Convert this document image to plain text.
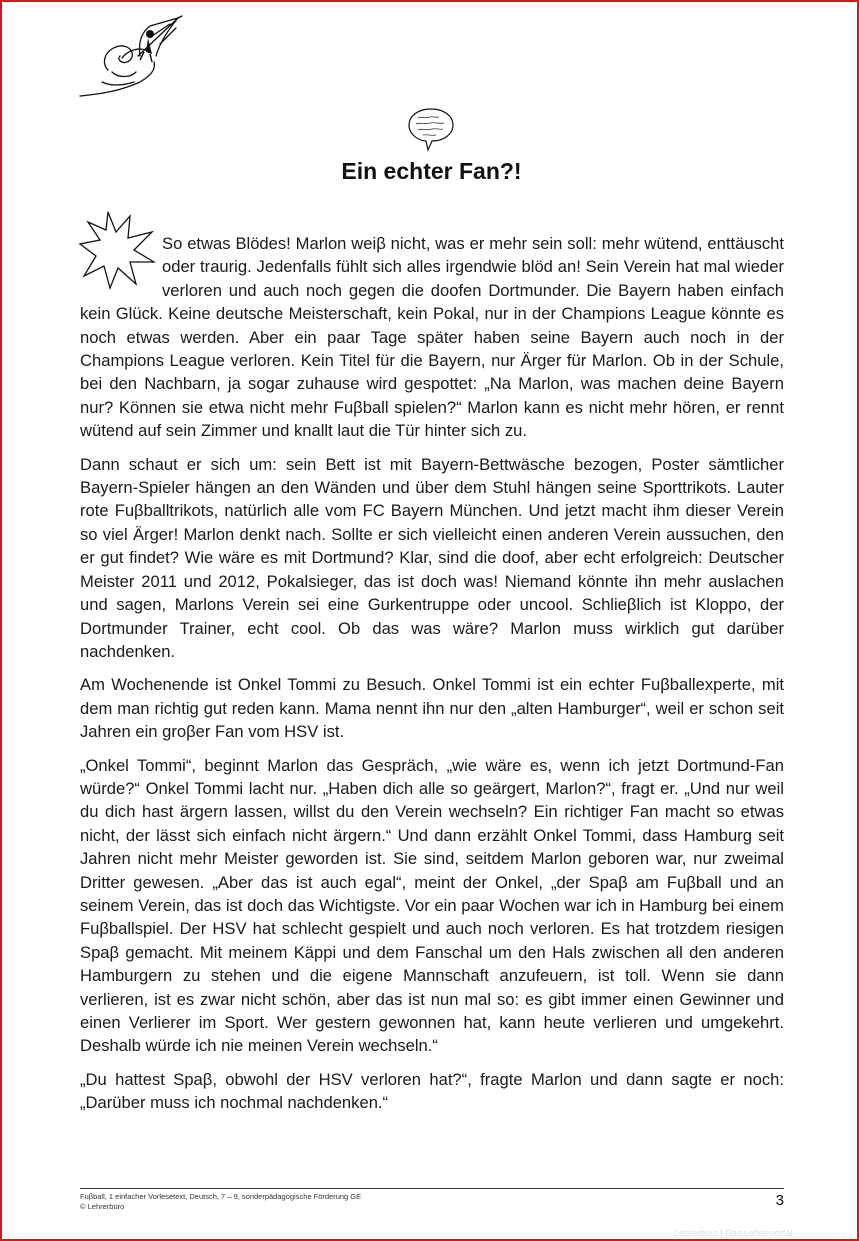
Ein echter Fan?!

So etwas Blödes! Marlon weiβ nicht, was er mehr sein soll: mehr wütend, enttäuscht oder traurig. Jedenfalls fühlt sich alles irgendwie blöd an! Sein Verein hat mal wieder verloren und auch noch gegen die doofen Dortmunder. Die Bayern haben einfach kein Glück. Keine deutsche Meisterschaft, kein Pokal, nur in der Champions League könnte es noch etwas werden. Aber ein paar Tage später haben seine Bayern auch noch in der Champions League verloren. Kein Titel für die Bayern, nur Ärger für Marlon. Ob in der Schule, bei den Nachbarn, ja sogar zuhause wird gespottet: „Na Marlon, was machen deine Bayern nur? Können sie etwa nicht mehr Fuβball spielen?“ Marlon kann es nicht mehr hören, er rennt wütend auf sein Zimmer und knallt laut die Tür hinter sich zu.

Dann schaut er sich um: sein Bett ist mit Bayern-Bettwäsche bezogen, Poster sämtlicher Bayern-Spieler hängen an den Wänden und über dem Stuhl hängen seine Sporttrikots. Lauter rote Fuβballtrikots, natürlich alle vom FC Bayern München. Und jetzt macht ihm dieser Verein so viel Ärger! Marlon denkt nach. Sollte er sich vielleicht einen anderen Verein aussuchen, den er gut findet? Wie wäre es mit Dortmund? Klar, sind die doof, aber echt erfolgreich: Deutscher Meister 2011 und 2012, Pokalsieger, das ist doch was! Niemand könnte ihn mehr auslachen und sagen, Marlons Verein sei eine Gurkentruppe oder uncool. Schlieβlich ist Kloppo, der Dortmunder Trainer, echt cool. Ob das was wäre? Marlon muss wirklich gut darüber nachdenken.

Am Wochenende ist Onkel Tommi zu Besuch. Onkel Tommi ist ein echter Fuβballexperte, mit dem man richtig gut reden kann. Mama nennt ihn nur den „alten Hamburger“, weil er schon seit Jahren ein groβer Fan vom HSV ist.

„Onkel Tommi“, beginnt Marlon das Gespräch, „wie wäre es, wenn ich jetzt Dortmund-Fan würde?“ Onkel Tommi lacht nur. „Haben dich alle so geärgert, Marlon?“, fragt er. „Und nur weil du dich hast ärgern lassen, willst du den Verein wechseln? Ein richtiger Fan macht so etwas nicht, der lässt sich einfach nicht ärgern.“ Und dann erzählt Onkel Tommi, dass Hamburg seit Jahren nicht mehr Meister geworden ist. Sie sind, seitdem Marlon geboren war, nur zweimal Dritter gewesen. „Aber das ist auch egal“, meint der Onkel, „der Spaβ am Fuβball und an seinem Verein, das ist doch das Wichtigste. Vor ein paar Wochen war ich in Hamburg bei einem Fuβballspiel. Der HSV hat schlecht gespielt und auch noch verloren. Es hat trotzdem riesigen Spaβ gemacht. Mit meinem Käppi und dem Fanschal um den Hals zwischen all den anderen Hamburgern zu stehen und die eigene Mannschaft anzufeuern, ist toll. Wenn sie dann verlieren, ist es zwar nicht schön, aber das ist nun mal so: es gibt immer einen Gewinner und einen Verlierer im Sport. Wer gestern gewonnen hat, kann heute verlieren und umgekehrt. Deshalb würde ich nie meinen Verein wechseln.“

„Du hattest Spaβ, obwohl der HSV verloren hat?“, fragte Marlon und dann sagte er noch: „Darüber muss ich nochmal nachdenken.“

Fuβball, 1 einfacher Vorlesetext, Deutsch, 7 – 9, sonderpädagogische Förderung GE
© Lehrerbüro	3
Lehrerbüro | Das Lehrerportal
